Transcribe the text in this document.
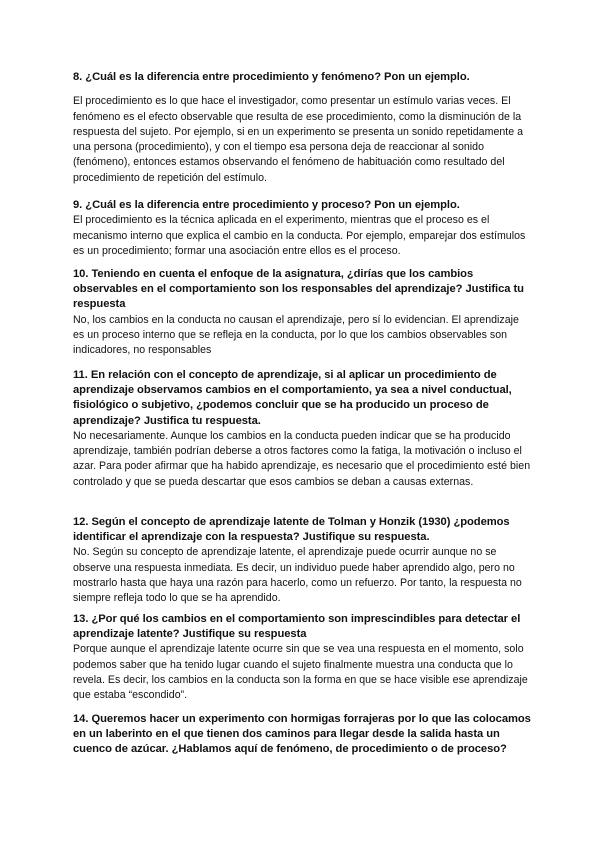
8. ¿Cuál es la diferencia entre procedimiento y fenómeno? Pon un ejemplo.

El procedimiento es lo que hace el investigador, como presentar un estímulo varias veces. El fenómeno es el efecto observable que resulta de ese procedimiento, como la disminución de la respuesta del sujeto. Por ejemplo, si en un experimento se presenta un sonido repetidamente a una persona (procedimiento), y con el tiempo esa persona deja de reaccionar al sonido (fenómeno), entonces estamos observando el fenómeno de habituación como resultado del procedimiento de repetición del estímulo.

9. ¿Cuál es la diferencia entre procedimiento y proceso? Pon un ejemplo.

El procedimiento es la técnica aplicada en el experimento, mientras que el proceso es el mecanismo interno que explica el cambio en la conducta. Por ejemplo, emparejar dos estímulos es un procedimiento; formar una asociación entre ellos es el proceso.

10. Teniendo en cuenta el enfoque de la asignatura, ¿dirías que los cambios observables en el comportamiento son los responsables del aprendizaje? Justifica tu respuesta

No, los cambios en la conducta no causan el aprendizaje, pero sí lo evidencian. El aprendizaje es un proceso interno que se refleja en la conducta, por lo que los cambios observables son indicadores, no responsables

11. En relación con el concepto de aprendizaje, si al aplicar un procedimiento de aprendizaje observamos cambios en el comportamiento, ya sea a nivel conductual, fisiológico o subjetivo, ¿podemos concluir que se ha producido un proceso de aprendizaje? Justifica tu respuesta.

No necesariamente. Aunque los cambios en la conducta pueden indicar que se ha producido aprendizaje, también podrían deberse a otros factores como la fatiga, la motivación o incluso el azar. Para poder afirmar que ha habido aprendizaje, es necesario que el procedimiento esté bien controlado y que se pueda descartar que esos cambios se deban a causas externas.

12. Según el concepto de aprendizaje latente de Tolman y Honzik (1930) ¿podemos identificar el aprendizaje con la respuesta? Justifique su respuesta.

No. Según su concepto de aprendizaje latente, el aprendizaje puede ocurrir aunque no se observe una respuesta inmediata. Es decir, un individuo puede haber aprendido algo, pero no mostrarlo hasta que haya una razón para hacerlo, como un refuerzo. Por tanto, la respuesta no siempre refleja todo lo que se ha aprendido.

13. ¿Por qué los cambios en el comportamiento son imprescindibles para detectar el aprendizaje latente? Justifique su respuesta

Porque aunque el aprendizaje latente ocurre sin que se vea una respuesta en el momento, solo podemos saber que ha tenido lugar cuando el sujeto finalmente muestra una conducta que lo revela. Es decir, los cambios en la conducta son la forma en que se hace visible ese aprendizaje que estaba “escondido”.

14. Queremos hacer un experimento con hormigas forrajeras por lo que las colocamos en un laberinto en el que tienen dos caminos para llegar desde la salida hasta un cuenco de azúcar. ¿Hablamos aquí de fenómeno, de procedimiento o de proceso?
